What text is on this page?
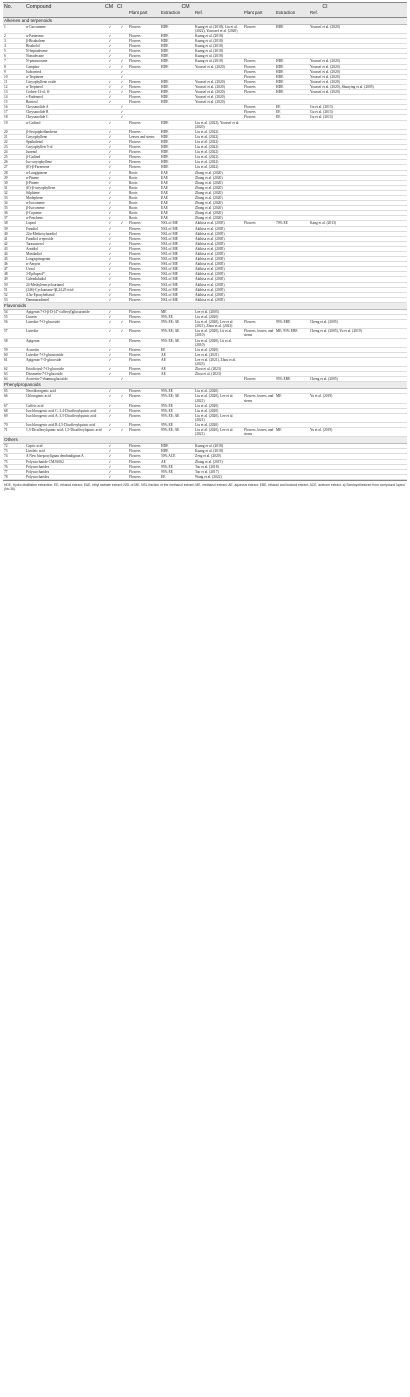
No.	Compound	CM	CI	CM			CI		
				Plant part	Extraction	Ref.	Plant part	Extraction	Ref.
Alkenes and terpenoids									
1	α-Curcumene	✓	✓	Flowers	HDE	Kuang et al. (2018), Liu et al. (2022), Yousssef et al. (2020)	Flowers	HDE	Youssef et al. (2020)
2	α-Farnesene	✓		Flowers	HDE	Kuang et al. (2018)			
3	β-Bisabolene	✓		Flowers	HDE	Kuang et al. (2018)			
4	Bisabolol	✓		Flowers	HDE	Kuang et al. (2018)			
5	N-heptadecane	✓		Flowers	HDE	Kuang et al. (2018)			
6	Nonadecane	✓		Flowers	HDE	Kuang et al. (2018)			
7	N-pentacosane	✓	✓	Flowers	HDE	Kuang et al. (2018)	Flowers	HDE	Youssef et al. (2020)
8	Camphor	✓	✓	Flowers	HDE	Youssef et al. (2020)	Flowers	HDE	Youssef et al. (2020)
9	Isoborneol		✓				Flowers	HDE	Youssef et al. (2020)
10	α-Terpinene		✓				Flowers	HDE	Youssef et al. (2020)
11	Caryophyllene oxide	✓	✓	Flowers	HDE	Youssef et al. (2020)	Flowers	HDE	Youssef et al. (2020)
12	α-Terpineol	✓	✓	Flowers	HDE	Youssef et al. (2020)	Flowers	HDE	Youssef et al. (2020), Shunying et al. (2005)
13	Cedren-13-ol, 8-	✓	✓	Flowers	HDE	Youssef et al. (2020)	Flowers	HDE	Youssef et al. (2020)
14	τ-Eudesmol	✓		Flowers	HDE	Youssef et al. (2020)			
15	Borneol	✓		Flowers	HDE	Youssef et al. (2020)			
16	Chrysanolide A		✓				Flowers	EE	Gu et al. (2013)
17	Chrysanolide B		✓				Flowers	EE	Gu et al. (2013)
18	Chrysanolide C		✓				Flowers	EE	Gu et al. (2013)
19	α-Cadinol	✓		Flowers	HDE	Liu et al. (2022), Youssef et al. (2020)			
20	β-Sesquiphellandrene	✓		Flowers	HDE	Liu et al. (2022)			
21	Caryophyllene	✓		Leaves and stems	HDE	Liu et al. (2022)			
22	Spathulenol	✓		Flowers	HDE	Liu et al. (2022)			
23	Caryophyllen-5-ol	✓		Flowers	HDE	Liu et al. (2022)			
24	Junenol	✓		Flowers	HDE	Liu et al. (2022)			
25	β-Cadinol	✓		Flowers	HDE	Liu et al. (2022)			
26	Iso-caryophyllene	✓		Flowers	HDE	Liu et al. (2022)			
27	(E)-β-Farnesene	✓		Flowers	HDE	Liu et al. (2022)			
28	α-Longipinene	✓		Roots	EAE	Zhang et al. (2020)			
29	α-Pinene	✓		Roots	EAE	Zhang et al. (2020)			
30	β-Pinene	✓		Roots	EAE	Zhang et al. (2020)			
31	(E)-β-caryophyllene	✓		Roots	EAE	Zhang et al. (2020)			
32	Silphiene	✓		Roots	EAE	Zhang et al. (2020)			
33	Modephene	✓		Roots	EAE	Zhang et al. (2020)			
34	α-Isocomene	✓		Roots	EAE	Zhang et al. (2020)			
35	β-Isocomene	✓		Roots	EAE	Zhang et al. (2020)			
36	β-Copaene	✓		Roots	EAE	Zhang et al. (2020)			
37	α-Fenchene	✓		Roots	EAE	Zhang et al. (2020)			
38	Lupeol	✓	✓	Flowers	NSL of ME	Akihisa et al. (2005)	Flowers	70% EE	Kang et al. (2013)
39	Faradiol	✓		Flowers	NSL of ME	Akihisa et al. (2005)			
40	22α-Methoxyfaradiol	✓		Flowers	NSL of ME	Akihisa et al. (2005)			
41	Faradiol α-epoxide	✓		Flowers	NSL of ME	Akihisa et al. (2005)			
42	Taraxasterol	✓		Flowers	NSL of ME	Akihisa et al. (2005)			
43	Arnidiol	✓		Flowers	NSL of ME	Akihisa et al. (2005)			
44	Maniladiol	✓		Flowers	NSL of ME	Akihisa et al. (2005)			
45	Longispinogenin	✓		Flowers	NSL of ME	Akihisa et al. (2005)			
46	α-Amyrin	✓		Flowers	NSL of ME	Akihisa et al. (2005)			
47	Uvaol	✓		Flowers	NSL of ME	Akihisa et al. (2005)			
48	3-Epilupeol*	✓		Flowers	NSL of ME	Akihisa et al. (2005)			
49	Calenduladiol	✓		Flowers	NSL of ME	Akihisa et al. (2005)			
50	24-Methylenecycloartanol	✓		Flowers	NSL of ME	Akihisa et al. (2005)			
51	(24S)-Cycloartane-3β,24,25-triol	✓		Flowers	NSL of ME	Akihisa et al. (2005)			
52	4,5α-Epoxyhelianol	✓		Flowers	NSL of ME	Akihisa et al. (2005)			
53	Dammaradienol	✓		Flowers	NSL of ME	Akihisa et al. (2005)			
Flavonoids									
54	Apigenin 7-O-β-D-(4"-caffeoyl)glucuronide	✓		Flowers	ME	Lee et al. (2003)			
55	Linarin	✓		Flowers	95% EE	Liu et al. (2020)			
56	Luteolin-7-O-glucoside	✓	✓	Flowers	95% EE; AE	Liu et al. (2020), Lee et al. (2021), Zhou et al. (2023)	Flowers	95% EBE	Cheng et al. (2005)
57	Luteolin	✓	✓	Flowers	95% EE; AE	Liu et al. (2020), Lü et al. (2010)	Flowers, leaves, and stems	ME; 95% EBE	Cheng et al. (2005), Yu et al. (2019)
58	Apigenin	✓		Flowers	95% EE; AE	Liu et al. (2020), Lü et al. (2010)			
59	Acacetin	✓		Flowers	EE	Liu et al. (2020)			
60	Luteolin-7-O-glucuronide	✓		Flowers	AE	Lee et al. (2021)			
61	Apigenin-7-O-glucoside	✓		Flowers	AE	Lee et al. (2021), Zhou et al. (2023)			
62	Eriodictyol-7-O-glucoside	✓		Flowers	AE	Zhou et al. (2023)			
63	Diosmetin-7-O-glucoside	✓		Flowers	AE	Zhou et al. (2023)			
64	Acacetin-7-rhamnoglucoside		✓				Flowers	95% EBE	Cheng et al. (2005)
Phenylpropanoids									
65	Neochlorogenic acid	✓		Flowers	95% EE	Liu et al. (2020)			
66	Chlorogenic acid	✓	✓	Flowers	95% EE; AE	Liu et al. (2020), Lee et al. (2021)	Flowers, leaves, and stems	ME	Yu et al. (2019)
67	Caffeic acid	✓		Flowers	95% EE	Liu et al. (2020)			
68	Isochlorogenic acid C; 3,4-Dicaffeoylquinic acid	✓		Flowers	95% EE	Liu et al. (2020)			
69	Isochlorogenic acid A; 3,5-Dicaffeoylquinic acid	✓		Flowers	95% EE; AE	Liu et al. (2020), Lee et al. (2021)			
70	Isochlorogenic acid B 4,5-Dicaffeoylquinic acid	✓		Flowers	95% EE	Liu et al. (2020)			
71	1,3-Dicaffeoylquinic acid; 1,5-Dicaffeoylquinic acid	✓	✓	Flowers	95% EE; AE	Liu et al. (2020), Lee et al. (2021)	Flowers, leaves, and stems	ME	Yu et al. (2019)
Others									
72	Capric acid	✓		Flowers	HDE	Kuang et al. (2018)			
73	Linoleic acid	✓		Flowers	HDE	Kuang et al. (2018)			
74	A New bisepoxylignan dendranlignan A	✓		Flowers	50% ACE	Zeng et al. (2020)			
75	Polysaccharide CMJA0S2	✓		Flowers	AE	Zhang et al. (2015)			
76	Polysaccharides	✓		Flowers	95% EE	Tao et al. (2018)			
77	Polysaccharides	✓		Flowers	95% EE	Tao et al. (2017)			
78	Polysaccharides	✓		Flowers	EE	Wang et al. (2022)			
HDE, Hydro distillation extraction; EE, ethanol extract; EAE, ethyl acetate extract; NSL of ME, NSL fraction of the methanol extract; ME, methanol extract; AE, aqueous extract; EBE, ethanol and butanol extract; ACE, acetone extract. a) Semisynthesized from compound lupeol (No.38).
